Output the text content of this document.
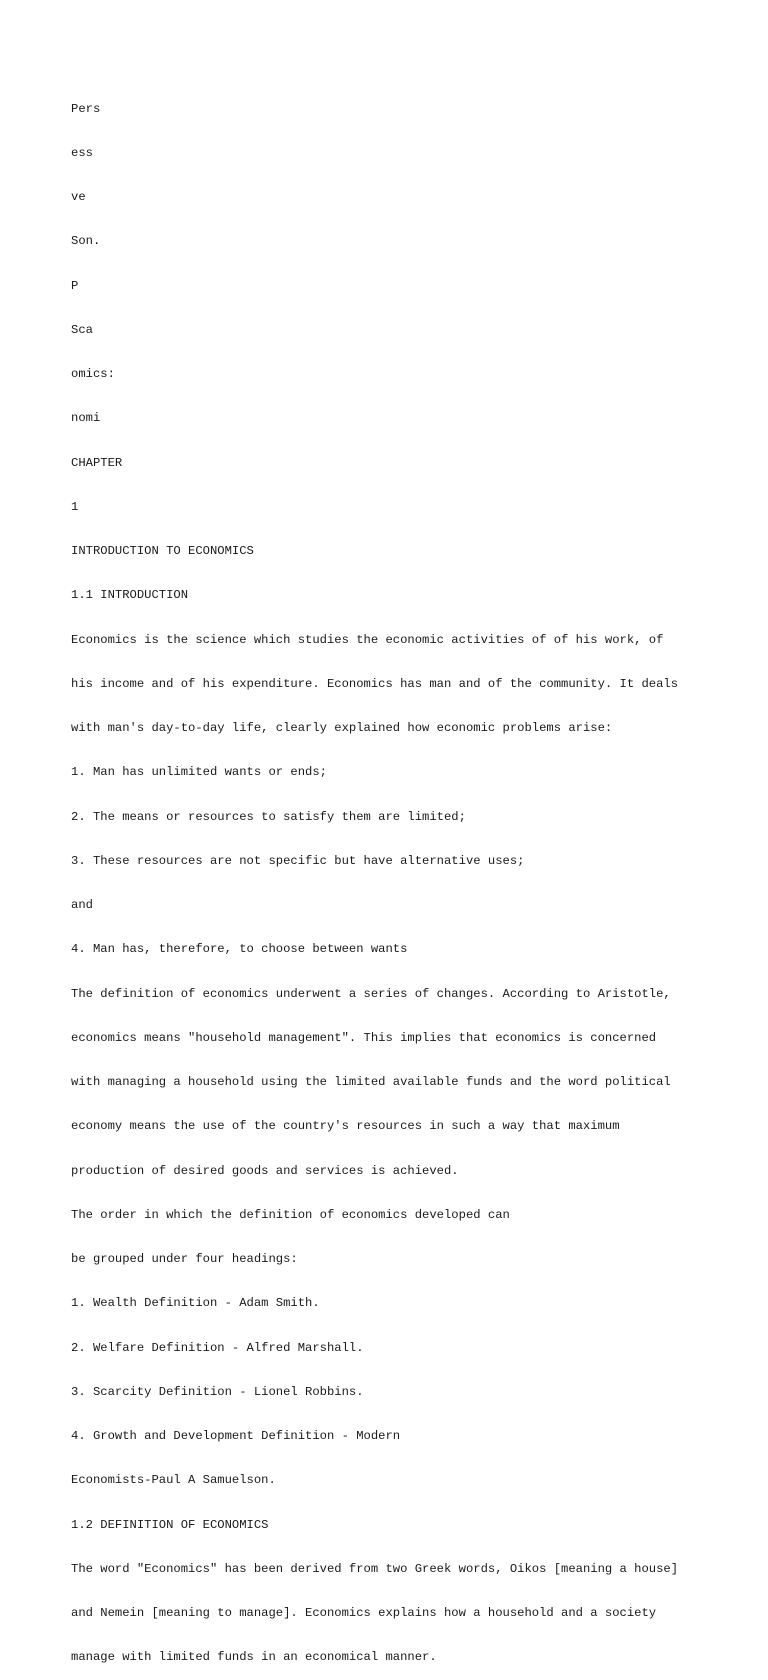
Pers

ess

ve

Son.

P

Sca

omics:

nomi

CHAPTER

1

INTRODUCTION TO ECONOMICS

1.1 INTRODUCTION

Economics is the science which studies the economic activities of of his work, of

his income and of his expenditure. Economics has man and of the community. It deals

with man's day-to-day life, clearly explained how economic problems arise:

1. Man has unlimited wants or ends;

2. The means or resources to satisfy them are limited;

3. These resources are not specific but have alternative uses;

and

4. Man has, therefore, to choose between wants

The definition of economics underwent a series of changes. According to Aristotle,

economics means "household management". This implies that economics is concerned

with managing a household using the limited available funds and the word political

economy means the use of the country's resources in such a way that maximum

production of desired goods and services is achieved.

The order in which the definition of economics developed can

be grouped under four headings:

1. Wealth Definition - Adam Smith.

2. Welfare Definition - Alfred Marshall.

3. Scarcity Definition - Lionel Robbins.

4. Growth and Development Definition - Modern

Economists-Paul A Samuelson.

1.2 DEFINITION OF ECONOMICS

The word "Economics" has been derived from two Greek words, Oikos [meaning a house]

and Nemein [meaning to manage]. Economics explains how a household and a society

manage with limited funds in an economical manner.
